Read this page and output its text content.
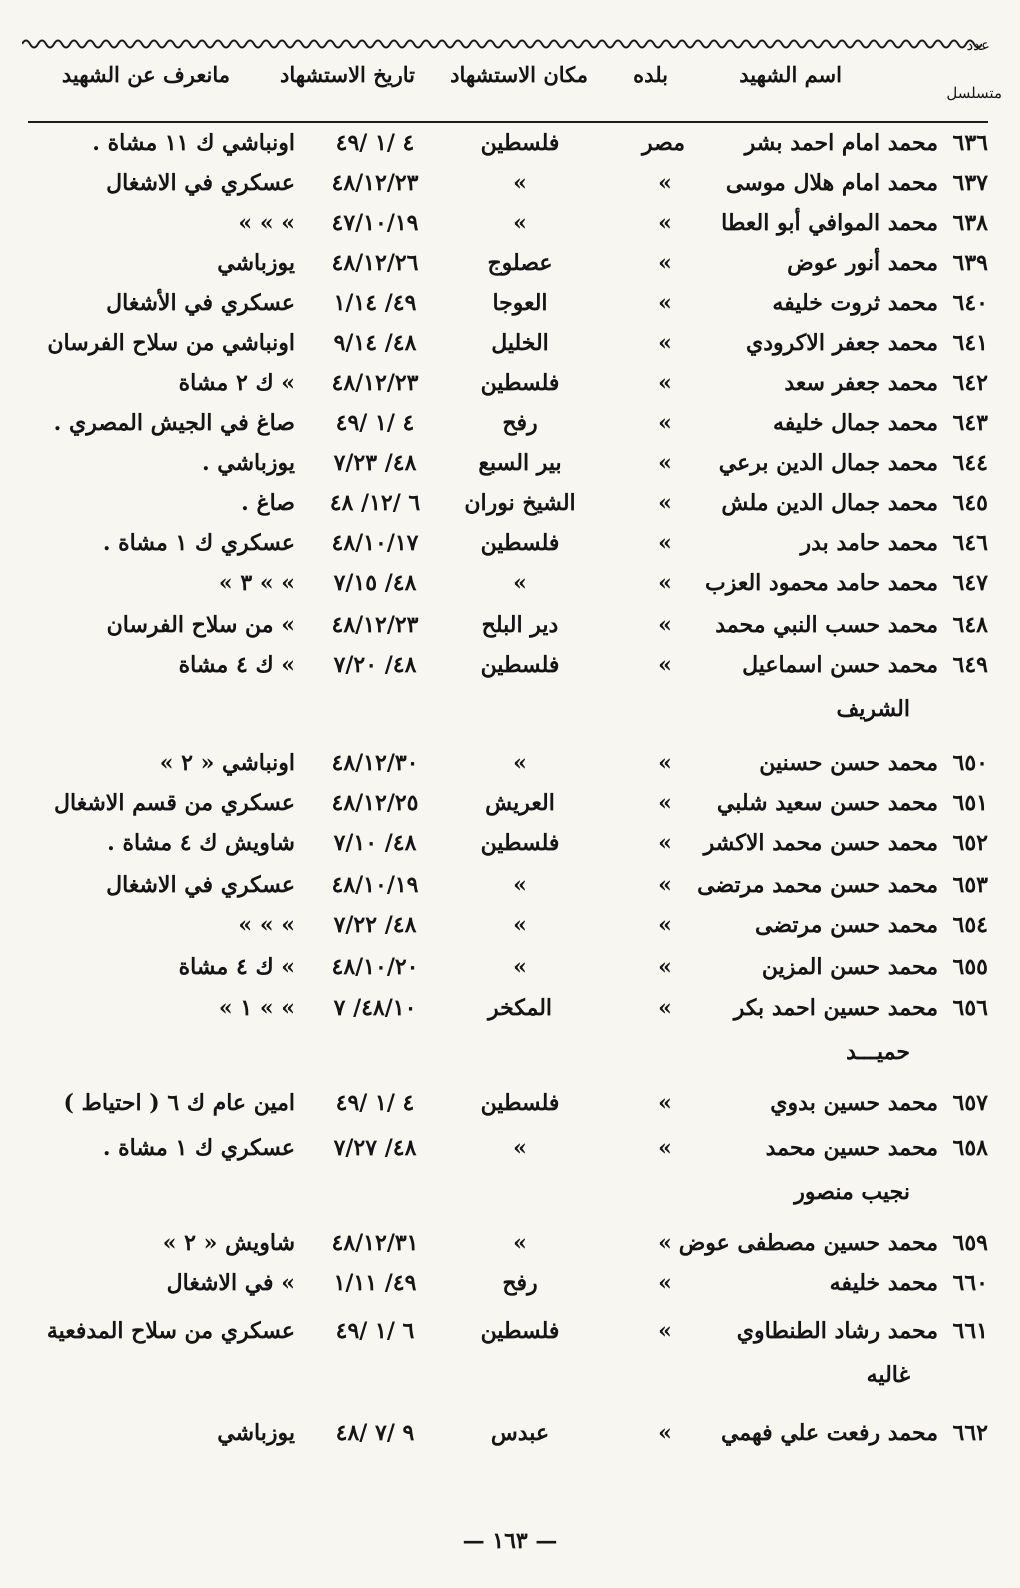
عدد
متسلسل
اسم الشهيد
بلده
مكان الاستشهاد
تاريخ الاستشهاد
مانعرف عن الشهيد
٦٣٦
محمد امام احمد بشر
مصر
فلسطين
٤ /١ /٤٩
اونباشي ك ١١ مشاة .
٦٣٧
محمد امام هلال موسى
»
»
٤٨/١٢/٢٣
عسكري في الاشغال
٦٣٨
محمد الموافي أبو العطا
»
»
٤٧/١٠/١٩
» » »
٦٣٩
محمد أنور عوض
»
عصلوج
٤٨/١٢/٢٦
يوزباشي
٦٤٠
محمد ثروت خليفه
»
العوجا
٤٩/ ١/١٤
عسكري في الأشغال
٦٤١
محمد جعفر الاكرودي
»
الخليل
٤٨/ ٩/١٤
اونباشي من سلاح الفرسان
٦٤٢
محمد جعفر سعد
»
فلسطين
٤٨/١٢/٢٣
» ك ٢ مشاة
٦٤٣
محمد جمال خليفه
»
رفح
٤ /١ /٤٩
صاغ في الجيش المصري .
٦٤٤
محمد جمال الدين برعي
»
بير السبع
٤٨/ ٧/٢٣
يوزباشي .
٦٤٥
محمد جمال الدين ملش
»
الشيخ نوران
٦ /١٢/ ٤٨
صاغ .
٦٤٦
محمد حامد بدر
»
فلسطين
٤٨/١٠/١٧
عسكري ك ١ مشاة .
٦٤٧
محمد حامد محمود العزب
»
»
٤٨/ ٧/١٥
» » ٣ »
٦٤٨
محمد حسب النبي محمد
»
دير البلح
٤٨/١٢/٢٣
» من سلاح الفرسان
٦٤٩
محمد حسن اسماعيل
الشريف
»
فلسطين
٤٨/ ٧/٢٠
» ك ٤ مشاة
٦٥٠
محمد حسن حسنين
»
»
٤٨/١٢/٣٠
اونباشي « ٢ »
٦٥١
محمد حسن سعيد شلبي
»
العريش
٤٨/١٢/٢٥
عسكري من قسم الاشغال
٦٥٢
محمد حسن محمد الاكشر
»
فلسطين
٤٨/ ٧/١٠
شاويش ك ٤ مشاة .
٦٥٣
محمد حسن محمد مرتضى
»
»
٤٨/١٠/١٩
عسكري في الاشغال
٦٥٤
محمد حسن مرتضى
»
»
٤٨/ ٧/٢٢
» » »
٦٥٥
محمد حسن المزين
»
»
٤٨/١٠/٢٠
» ك ٤ مشاة
٦٥٦
محمد حسين احمد بكر
حميـــد
»
المكخر
٤٨/١٠/ ٧
» » ١ »
٦٥٧
محمد حسين بدوي
»
فلسطين
٤ /١ /٤٩
امين عام ك ٦ ( احتياط )
٦٥٨
محمد حسين محمد
نجيب منصور
»
»
٤٨/ ٧/٢٧
عسكري ك ١ مشاة .
٦٥٩
محمد حسين مصطفى عوض
»
»
٤٨/١٢/٣١
شاويش « ٢ »
٦٦٠
محمد خليفه
»
رفح
٤٩/ ١/١١
» في الاشغال
٦٦١
محمد رشاد الطنطاوي
غاليه
»
فلسطين
٦ /١ /٤٩
عسكري من سلاح المدفعية
٦٦٢
محمد رفعت علي فهمي
»
عبدس
٩ /٧ /٤٨
يوزباشي
— ١٦٣ —
